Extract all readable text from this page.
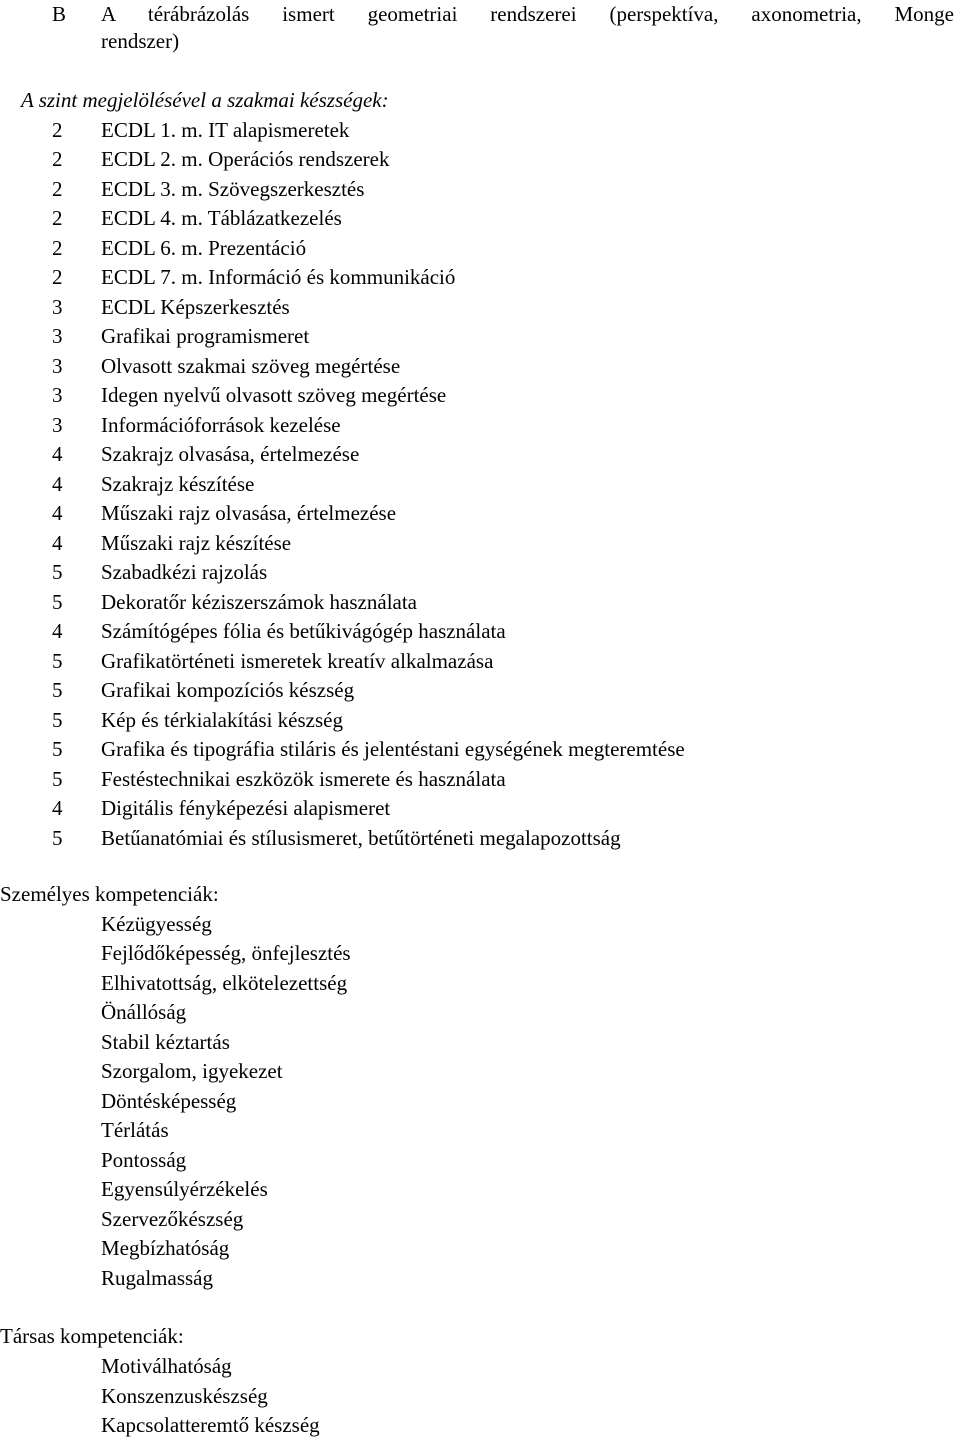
B A térábrázolás ismert geometriai rendszerei (perspektíva, axonometria, Monge
rendszer)
A szint megjelölésével a szakmai készségek:
2 ECDL 1. m. IT alapismeretek
2 ECDL 2. m. Operációs rendszerek
2 ECDL 3. m. Szövegszerkesztés
2 ECDL 4. m. Táblázatkezelés
2 ECDL 6. m. Prezentáció
2 ECDL 7. m. Információ és kommunikáció
3 ECDL Képszerkesztés
3 Grafikai programismeret
3 Olvasott szakmai szöveg megértése
3 Idegen nyelvű olvasott szöveg megértése
3 Információforrások kezelése
4 Szakrajz olvasása, értelmezése
4 Szakrajz készítése
4 Műszaki rajz olvasása, értelmezése
4 Műszaki rajz készítése
5 Szabadkézi rajzolás
5 Dekoratőr kéziszerszámok használata
4 Számítógépes fólia és betűkivágógép használata
5 Grafikatörténeti ismeretek kreatív alkalmazása
5 Grafikai kompozíciós készség
5 Kép és térkialakítási készség
5 Grafika és tipográfia stiláris és jelentéstani egységének megteremtése
5 Festéstechnikai eszközök ismerete és használata
4 Digitális fényképezési alapismeret
5 Betűanatómiai és stílusismeret, betűtörténeti megalapozottság
Személyes kompetenciák:
Kézügyesség
Fejlődőképesség, önfejlesztés
Elhivatottság, elkötelezettség
Önállóság
Stabil kéztartás
Szorgalom, igyekezet
Döntésképesség
Térlátás
Pontosság
Egyensúlyérzékelés
Szervezőkészség
Megbízhatóság
Rugalmasság
Társas kompetenciák:
Motiválhatóság
Konszenzuskészség
Kapcsolatteremtő készség
